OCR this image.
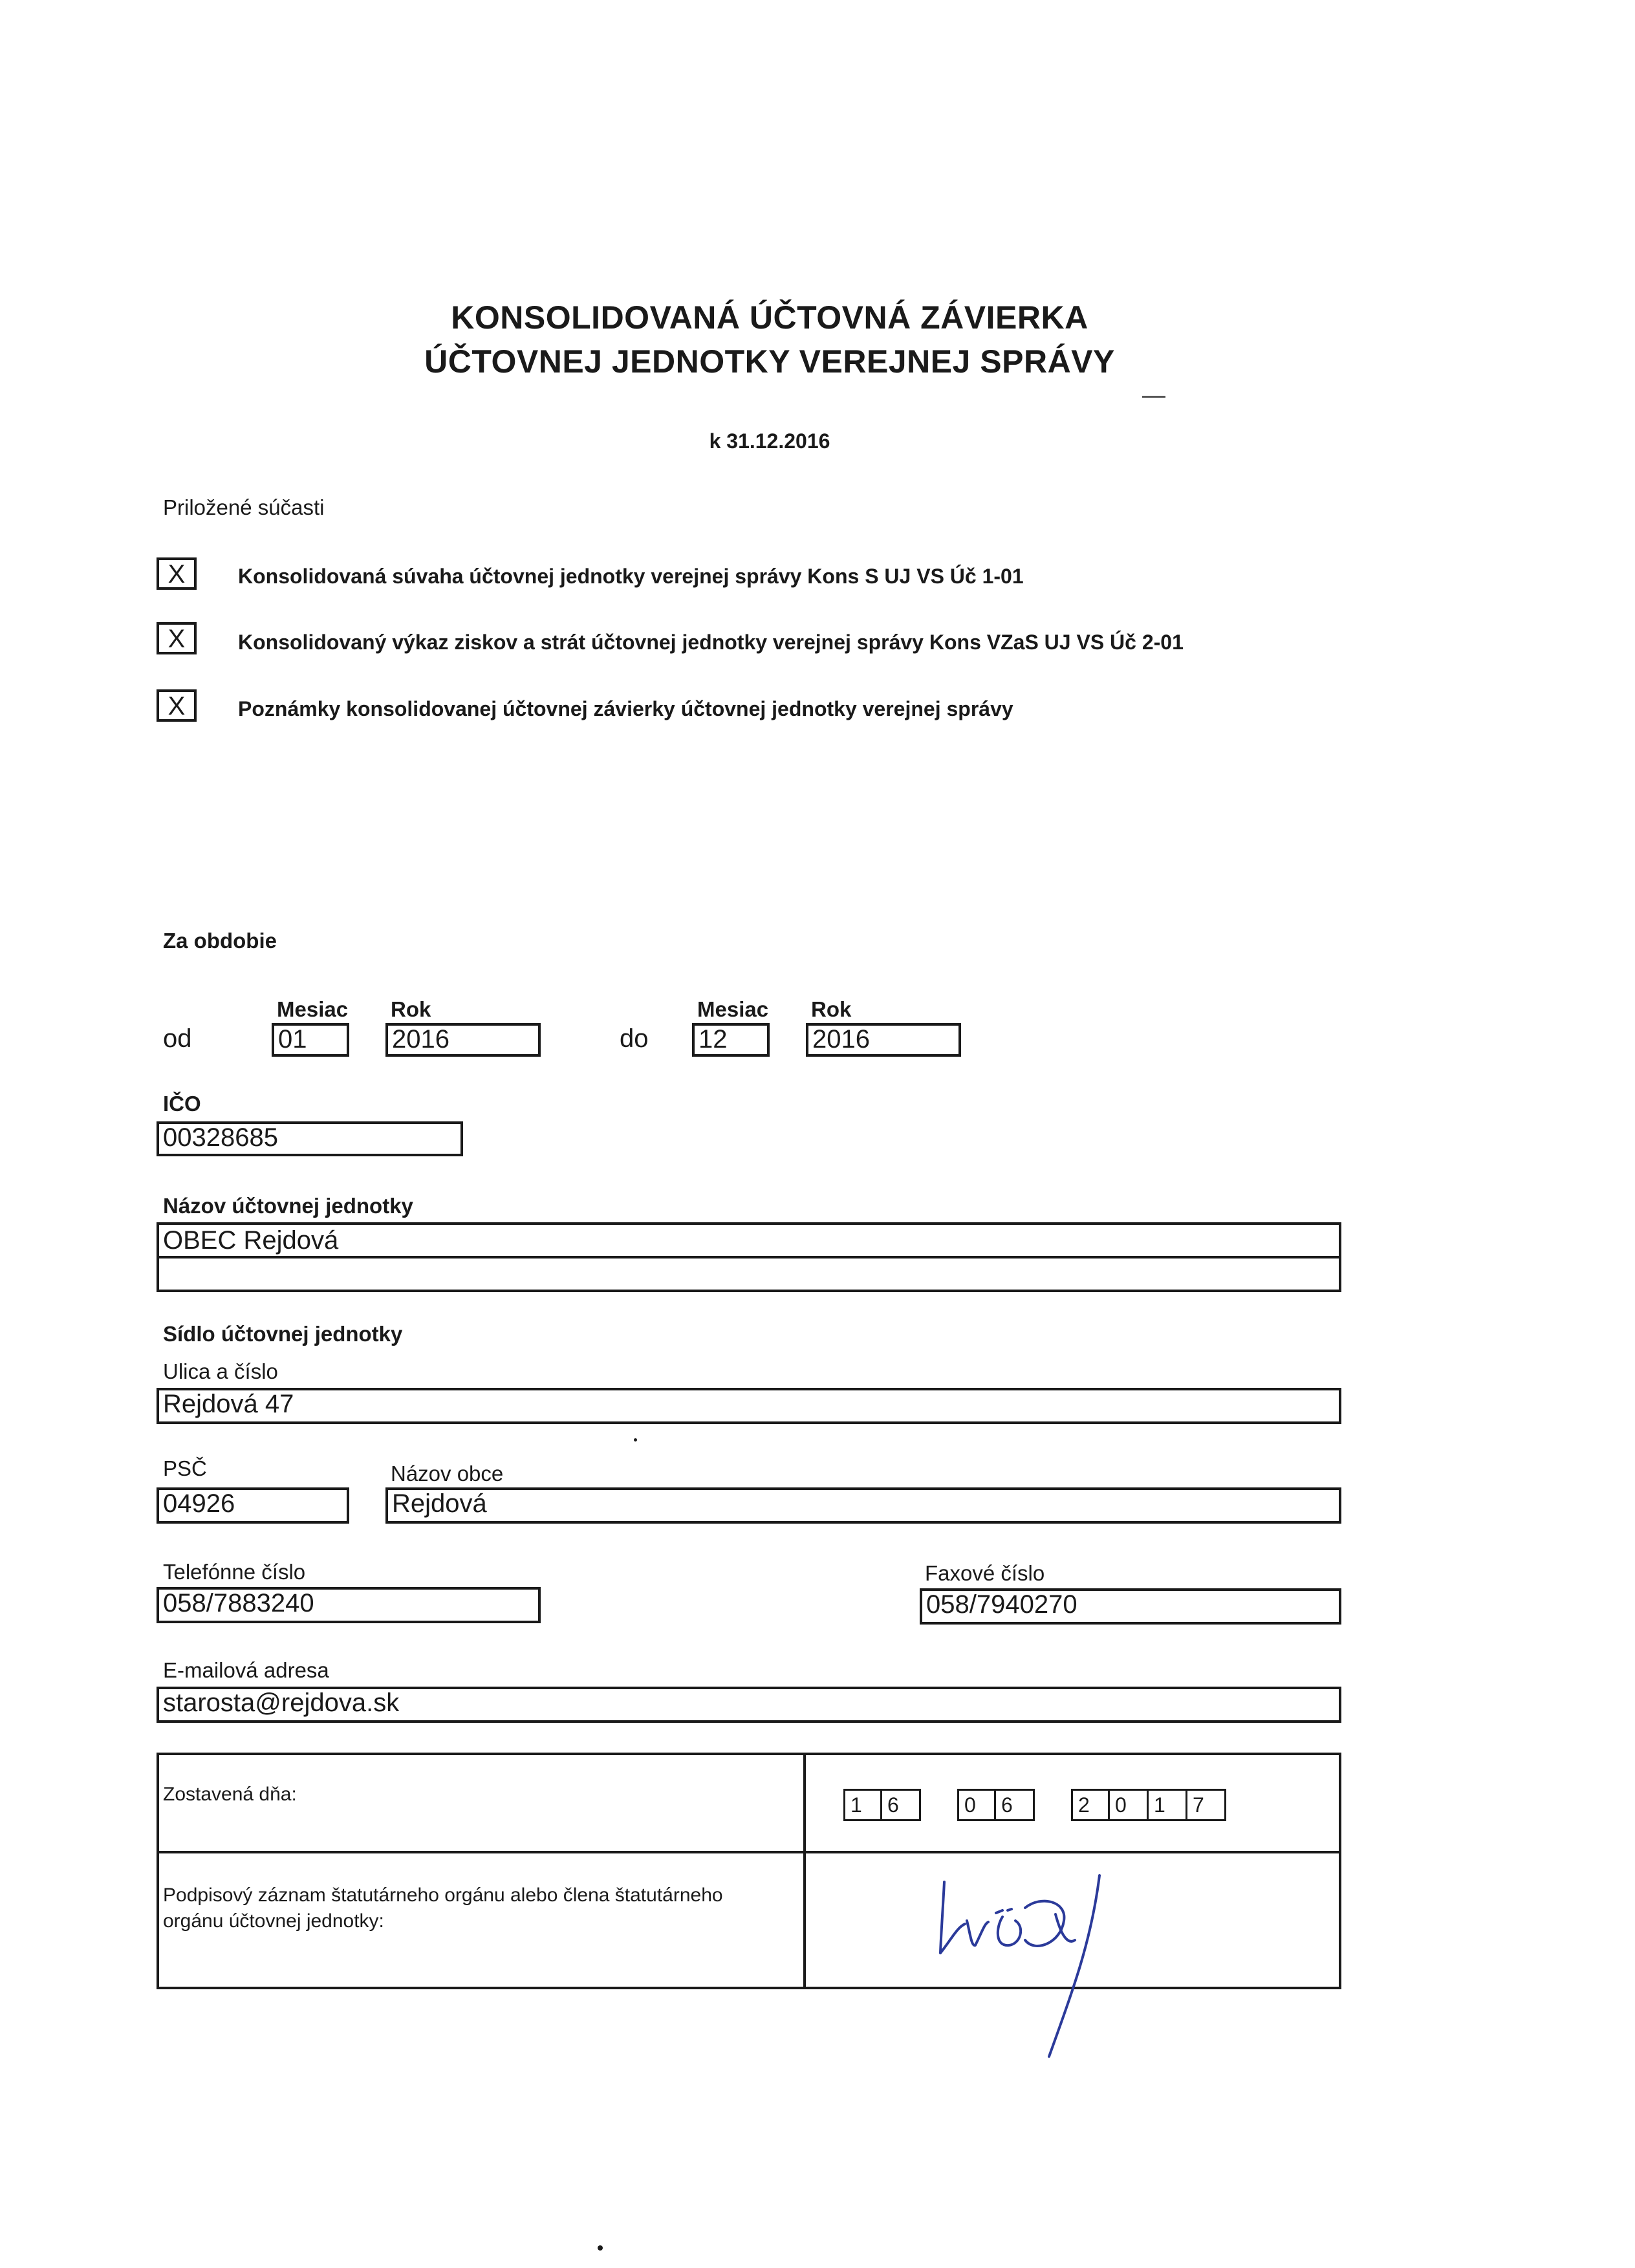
KONSOLIDOVANÁ ÚČTOVNÁ ZÁVIERKA
ÚČTOVNEJ JEDNOTKY VEREJNEJ SPRÁVY
k 31.12.2016
Priložené súčasti
X	Konsolidovaná súvaha účtovnej jednotky verejnej správy Kons S UJ VS Úč 1-01
X	Konsolidovaný výkaz ziskov a strát účtovnej jednotky verejnej správy Kons VZaS UJ VS Úč 2-01
X	Poznámky konsolidovanej účtovnej závierky účtovnej jednotky verejnej správy
Za obdobie
Mesiac Rok	Mesiac Rok
od	01	2016	do 12	2016
IČO
00328685
Názov účtovnej jednotky
OBEC Rejdová
Sídlo účtovnej jednotky
Ulica a číslo
Rejdová 47
PSČ	Názov obce
04926	Rejdová
Telefónne číslo	Faxové číslo
058/7883240	058/7940270
E-mailová adresa
starosta@rejdova.sk
Zostavená dňa:	1	6	0	6	2	0	1	7
Podpisový záznam štatutárneho orgánu alebo člena štatutárneho
orgánu účtovnej jednotky:
